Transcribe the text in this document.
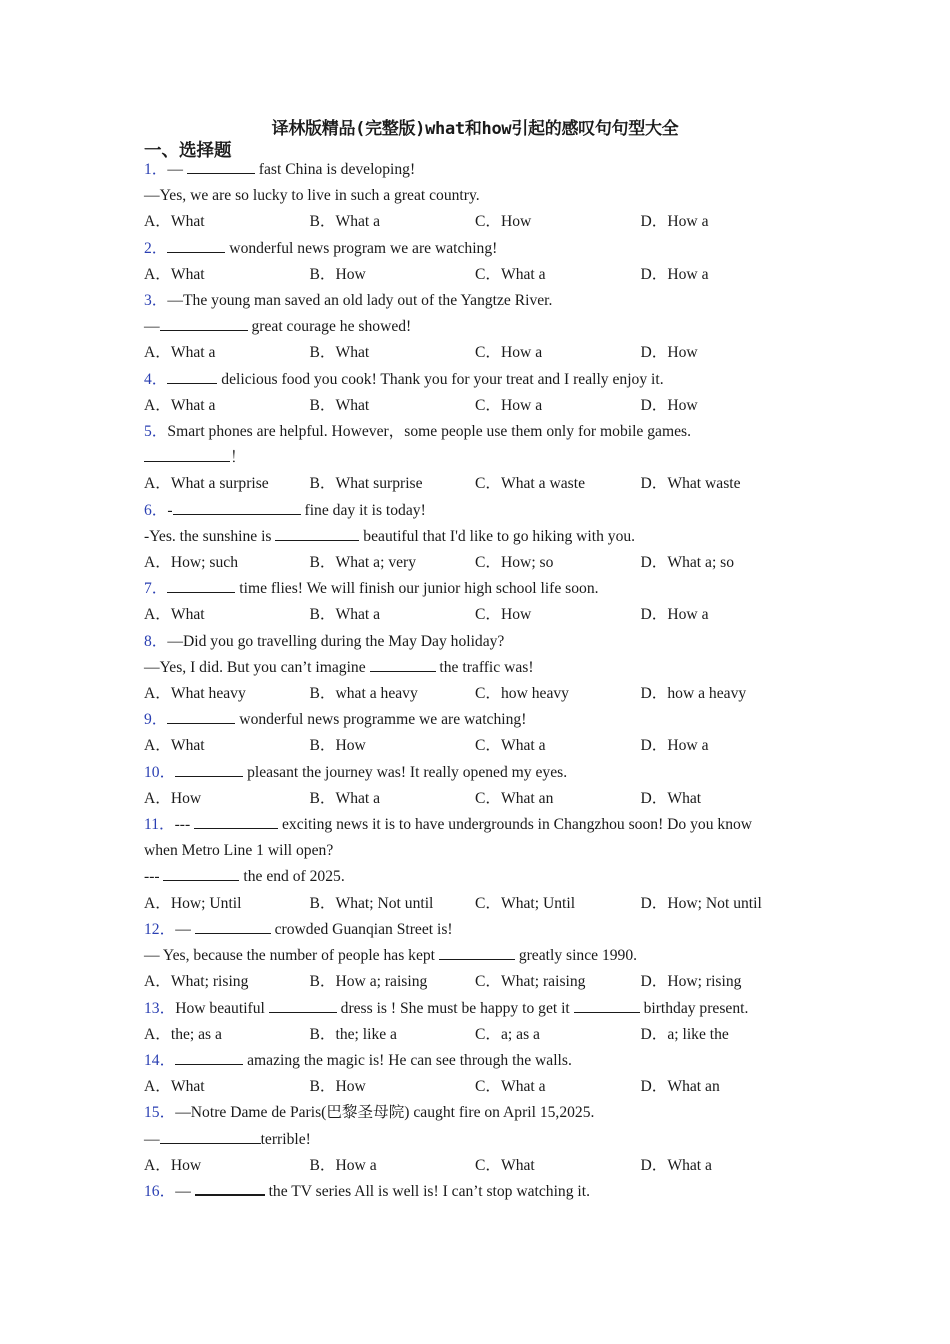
译林版精品(完整版)what和how引起的感叹句句型大全
一、选择题
1．—	fast China is developing!
—Yes, we are so lucky to live in such a great country.
A．What	B．What a	C．How	D．How a
2．	wonderful news program we are watching!
A．What	B．How	C．What a	D．How a
3．—The young man saved an old lady out of the Yangtze River.
—	great courage he showed!
A．What a	B．What	C．How a	D．How
4．	delicious food you cook! Thank you for your treat and I really enjoy it.
A．What a	B．What	C．How a	D．How
5．Smart phones are helpful. However，some people use them only for mobile games.
！
A．What a surprise	B．What surprise	C．What a waste	D．What waste
6．-	fine day it is today!
-Yes. the sunshine is	beautiful that I'd like to go hiking with you.
A．How; such	B．What a; very	C．How; so	D．What a; so
7．	time flies! We will finish our junior high school life soon.
A．What	B．What a	C．How	D．How a
8．—Did you go travelling during the May Day holiday?
—Yes, I did. But you can’t imagine	the traffic was!
A．What heavy	B．what a heavy	C．how heavy	D．how a heavy
9．	wonderful news programme we are watching!
A．What	B．How	C．What a	D．How a
10．	pleasant the journey was! It really opened my eyes.
A．How	B．What a	C．What an	D．What
11．---	exciting news it is to have undergrounds in Changzhou soon! Do you know
when Metro Line 1 will open?
---	the end of 2025.
A．How; Until	B．What; Not until	C．What; Until	D．How; Not until
12．—	crowded Guanqian Street is!
— Yes, because the number of people has kept	greatly since 1990.
A．What; rising	B．How a; raising	C．What; raising	D．How; rising
13．How beautiful	dress is ! She must be happy to get it	birthday present.
A．the; as a	B．the; like a	C．a; as a	D．a; like the
14．	amazing the magic is! He can see through the walls.
A．What	B．How	C．What a	D．What an
15．—Notre Dame de Paris(巴黎圣母院) caught fire on April 15,2025.
—	terrible!
A．How	B．How a	C．What	D．What a
16．—	the TV series All is well is! I can’t stop watching it.
